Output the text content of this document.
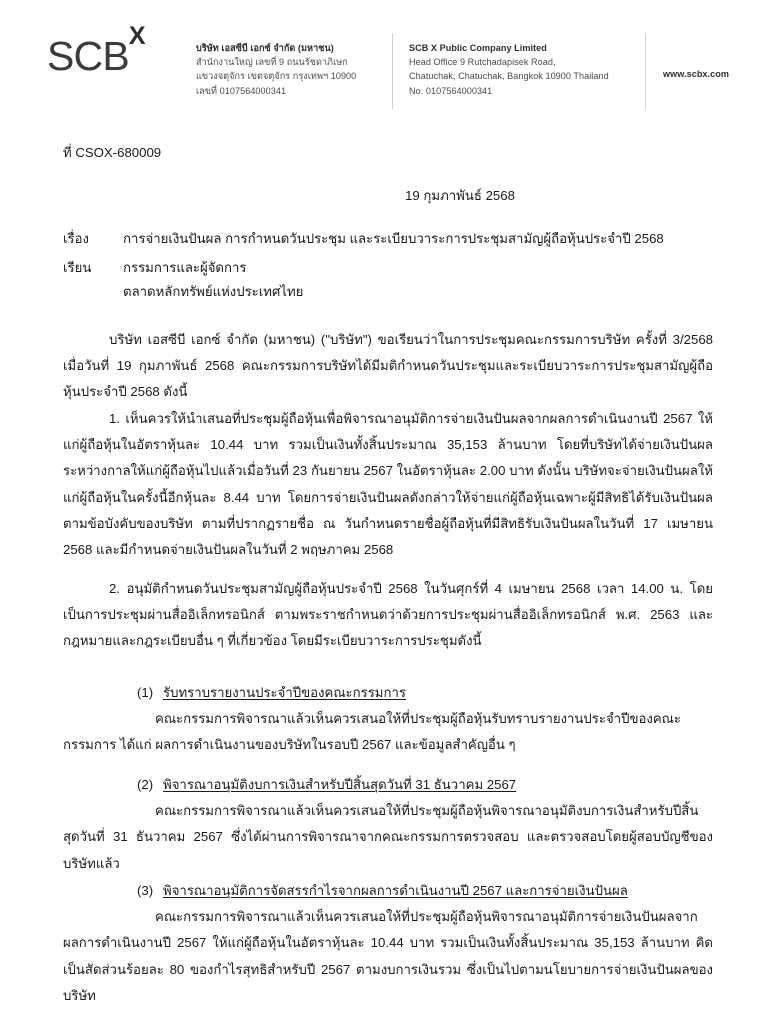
SCBX	บริษัท เอสซีบี เอกซ์ จำกัด (มหาชน)
สำนักงานใหญ่ เลขที่ 9 ถนนรัชดาภิเษก
แขวงจตุจักร เขตจตุจักร กรุงเทพฯ 10900
เลขที่ 0107564000341
SCB X Public Company Limited
Head Office 9 Rutchadapisek Road,
Chatuchak, Chatuchak, Bangkok 10900 Thailand
No. 0107564000341
www.scbx.com
ที่ CSOX-680009
19 กุมภาพันธ์ 2568
เรื่อง	การจ่ายเงินปันผล การกำหนดวันประชุม และระเบียบวาระการประชุมสามัญผู้ถือหุ้นประจำปี 2568
เรียน	กรรมการและผู้จัดการ
ตลาดหลักทรัพย์แห่งประเทศไทย
บริษัท เอสซีบี เอกซ์ จำกัด (มหาชน) ("บริษัท") ขอเรียนว่าในการประชุมคณะกรรมการบริษัท ครั้งที่ 3/2568 เมื่อวันที่ 19 กุมภาพันธ์ 2568 คณะกรรมการบริษัทได้มีมติกำหนดวันประชุมและระเบียบวาระการประชุมสามัญผู้ถือหุ้นประจำปี 2568 ดังนี้
1. เห็นควรให้นำเสนอที่ประชุมผู้ถือหุ้นเพื่อพิจารณาอนุมัติการจ่ายเงินปันผลจากผลการดำเนินงานปี 2567 ให้แก่ผู้ถือหุ้นในอัตราหุ้นละ 10.44 บาท รวมเป็นเงินทั้งสิ้นประมาณ 35,153 ล้านบาท โดยที่บริษัทได้จ่ายเงินปันผลระหว่างกาลให้แก่ผู้ถือหุ้นไปแล้วเมื่อวันที่ 23 กันยายน 2567 ในอัตราหุ้นละ 2.00 บาท ดังนั้น บริษัทจะจ่ายเงินปันผลให้แก่ผู้ถือหุ้นในครั้งนี้อีกหุ้นละ 8.44 บาท โดยการจ่ายเงินปันผลดังกล่าวให้จ่ายแก่ผู้ถือหุ้นเฉพาะผู้มีสิทธิได้รับเงินปันผลตามข้อบังคับของบริษัท ตามที่ปรากฏรายชื่อ ณ วันกำหนดรายชื่อผู้ถือหุ้นที่มีสิทธิรับเงินปันผลในวันที่ 17 เมษายน 2568 และมีกำหนดจ่ายเงินปันผลในวันที่ 2 พฤษภาคม 2568
2. อนุมัติกำหนดวันประชุมสามัญผู้ถือหุ้นประจำปี 2568 ในวันศุกร์ที่ 4 เมษายน 2568 เวลา 14.00 น. โดยเป็นการประชุมผ่านสื่ออิเล็กทรอนิกส์ ตามพระราชกำหนดว่าด้วยการประชุมผ่านสื่ออิเล็กทรอนิกส์ พ.ศ. 2563 และกฎหมายและกฎระเบียบอื่น ๆ ที่เกี่ยวข้อง โดยมีระเบียบวาระการประชุมดังนี้
(1) รับทราบรายงานประจำปีของคณะกรรมการ
คณะกรรมการพิจารณาแล้วเห็นควรเสนอให้ที่ประชุมผู้ถือหุ้นรับทราบรายงานประจำปีของคณะกรรมการ ได้แก่ ผลการดำเนินงานของบริษัทในรอบปี 2567 และข้อมูลสำคัญอื่น ๆ
(2) พิจารณาอนุมัติงบการเงินสำหรับปีสิ้นสุดวันที่ 31 ธันวาคม 2567
คณะกรรมการพิจารณาแล้วเห็นควรเสนอให้ที่ประชุมผู้ถือหุ้นพิจารณาอนุมัติงบการเงินสำหรับปีสิ้นสุดวันที่ 31 ธันวาคม 2567 ซึ่งได้ผ่านการพิจารณาจากคณะกรรมการตรวจสอบ และตรวจสอบโดยผู้สอบบัญชีของบริษัทแล้ว
(3) พิจารณาอนุมัติการจัดสรรกำไรจากผลการดำเนินงานปี 2567 และการจ่ายเงินปันผล
คณะกรรมการพิจารณาแล้วเห็นควรเสนอให้ที่ประชุมผู้ถือหุ้นพิจารณาอนุมัติการจ่ายเงินปันผลจากผลการดำเนินงานปี 2567 ให้แก่ผู้ถือหุ้นในอัตราหุ้นละ 10.44 บาท รวมเป็นเงินทั้งสิ้นประมาณ 35,153 ล้านบาท คิดเป็นสัดส่วนร้อยละ 80 ของกำไรสุทธิสำหรับปี 2567 ตามงบการเงินรวม ซึ่งเป็นไปตามนโยบายการจ่ายเงินปันผลของบริษัท
